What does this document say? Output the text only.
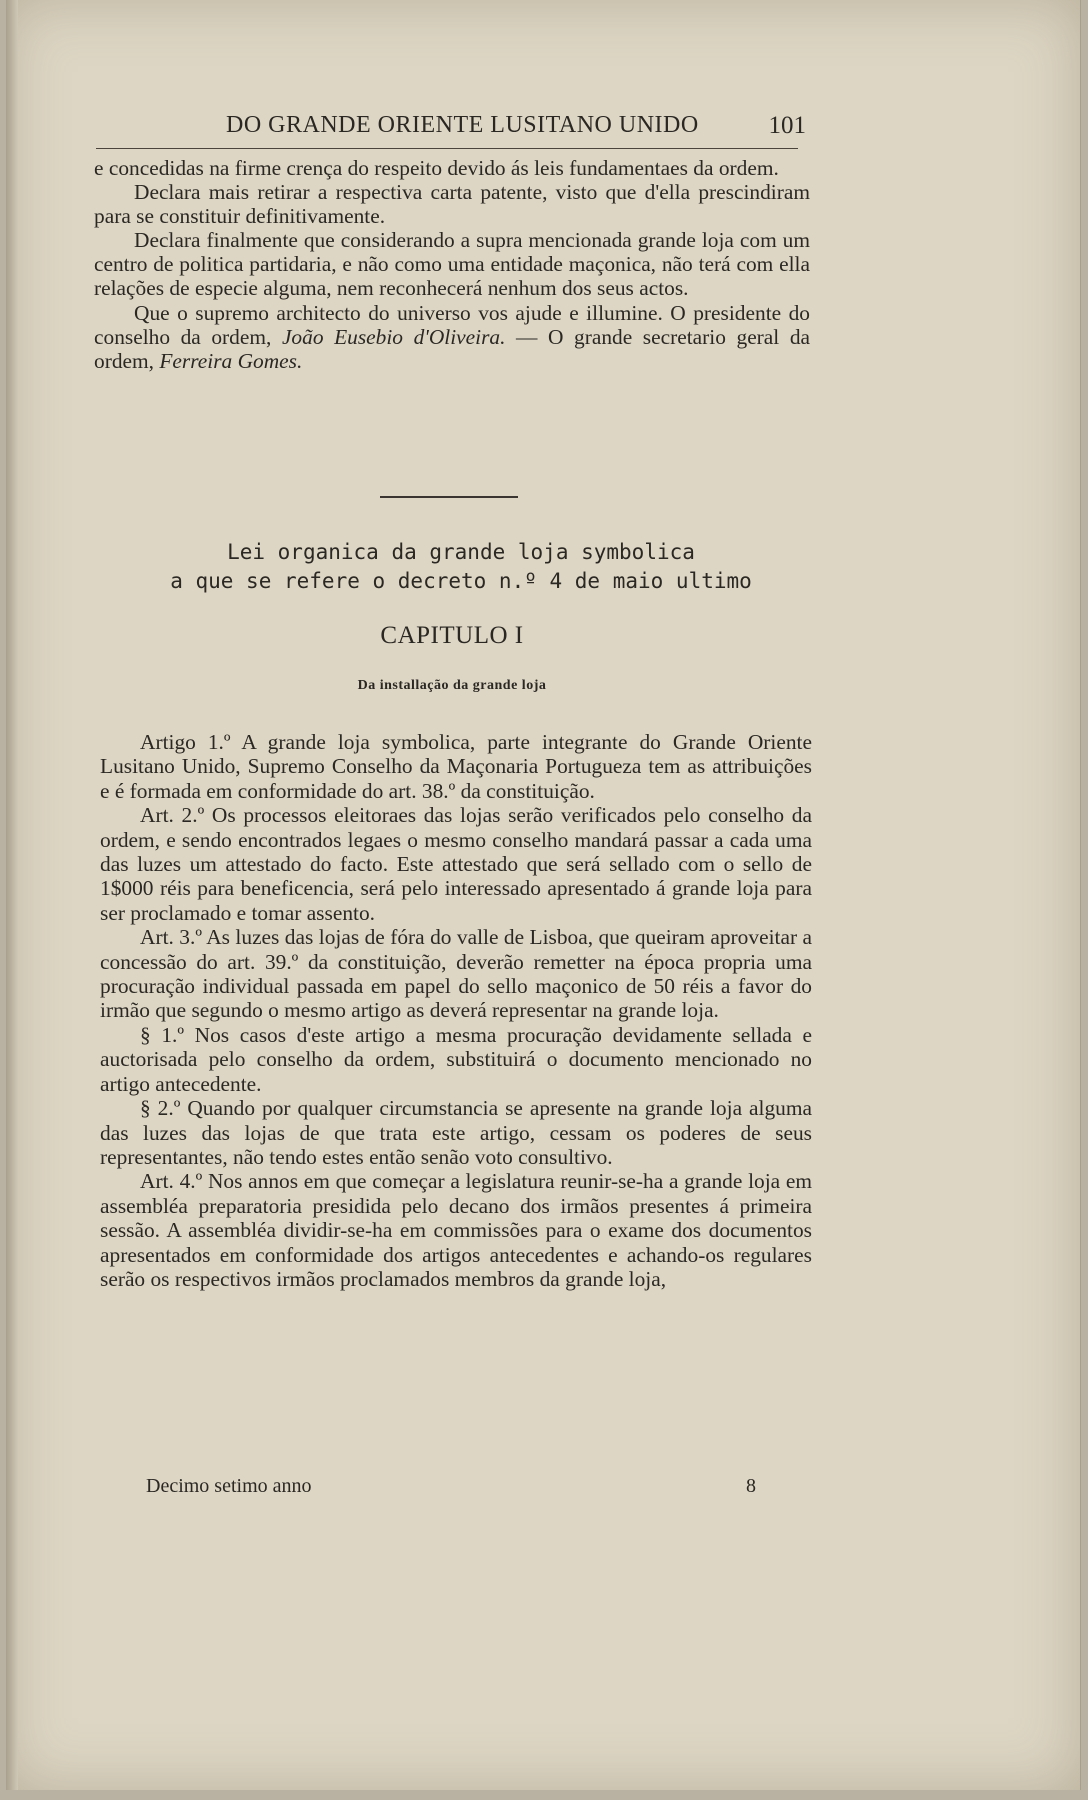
DO GRANDE ORIENTE LUSITANO UNIDO	101

e concedidas na firme crença do respeito devido ás leis fundamentaes da ordem.

Declara mais retirar a respectiva carta patente, visto que d'ella prescindiram para se constituir definitivamente.

Declara finalmente que considerando a supra mencionada grande loja com um centro de politica partidaria, e não como uma entidade maçonica, não terá com ella relações de especie alguma, nem reconhecerá nenhum dos seus actos.

Que o supremo architecto do universo vos ajude e illumine. O presidente do conselho da ordem, João Eusebio d'Oliveira. — O grande secretario geral da ordem, Ferreira Gomes.

Lei organica da grande loja symbolica
a que se refere o decreto n.º 4 de maio ultimo
CAPITULO I
Da installação da grande loja

Artigo 1.º A grande loja symbolica, parte integrante do Grande Oriente Lusitano Unido, Supremo Conselho da Maçonaria Portugueza tem as attribuições e é formada em conformidade do art. 38.º da constituição.

Art. 2.º Os processos eleitoraes das lojas serão verificados pelo conselho da ordem, e sendo encontrados legaes o mesmo conselho mandará passar a cada uma das luzes um attestado do facto. Este attestado que será sellado com o sello de 1$000 réis para beneficencia, será pelo interessado apresentado á grande loja para ser proclamado e tomar assento.

Art. 3.º As luzes das lojas de fóra do valle de Lisboa, que queiram aproveitar a concessão do art. 39.º da constituição, deverão remetter na época propria uma procuração individual passada em papel do sello maçonico de 50 réis a favor do irmão que segundo o mesmo artigo as deverá representar na grande loja.

§ 1.º Nos casos d'este artigo a mesma procuração devidamente sellada e auctorisada pelo conselho da ordem, substituirá o documento mencionado no artigo antecedente.

§ 2.º Quando por qualquer circumstancia se apresente na grande loja alguma das luzes das lojas de que trata este artigo, cessam os poderes de seus representantes, não tendo estes então senão voto consultivo.

Art. 4.º Nos annos em que começar a legislatura reunir-se-ha a grande loja em assembléa preparatoria presidida pelo decano dos irmãos presentes á primeira sessão. A assembléa dividir-se-ha em commissões para o exame dos documentos apresentados em conformidade dos artigos antecedentes e achando-os regulares serão os respectivos irmãos proclamados membros da grande loja,

Decimo setimo anno	8
